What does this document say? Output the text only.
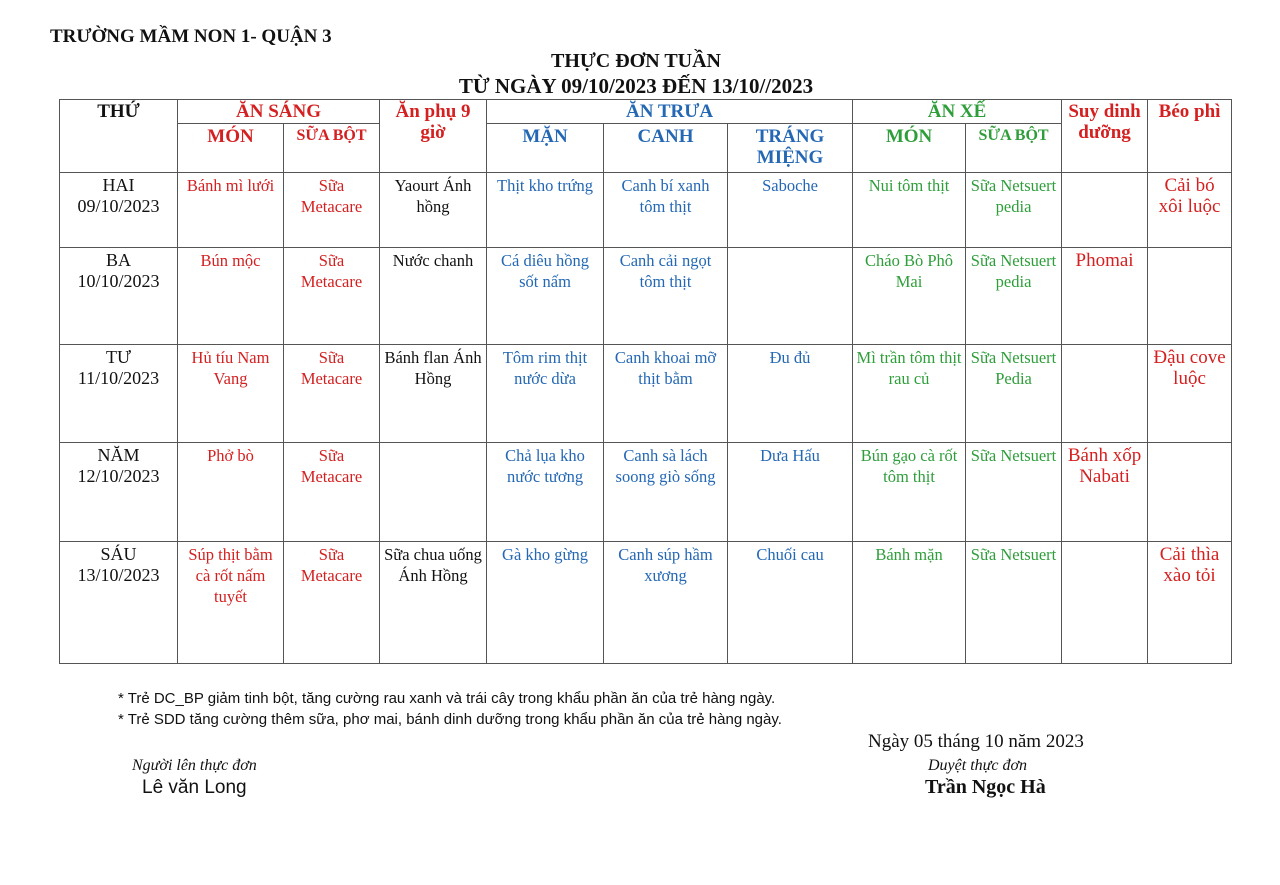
TRƯỜNG MẦM NON 1- QUẬN 3
THỰC ĐƠN TUẦN
TỪ NGÀY 09/10/2023 ĐẾN 13/10//2023
THỨ	ĂN SÁNG		Ăn phụ 9 giờ	ĂN TRƯA			ĂN XẾ		Suy dinh dưỡng	Béo phì
	MÓN	SỮA BỘT		MẶN	CANH	TRÁNG MIỆNG	MÓN	SỮA BỘT		

HAI
09/10/2023	Bánh mì lưới	Sữa Metacare	Yaourt Ánh hồng	Thịt kho trứng	Canh bí xanh tôm thịt	Saboche	Nui tôm thịt	Sữa Netsuert pedia		Cải bó xôi luộc

BA
10/10/2023	Bún mộc	Sữa Metacare	Nước chanh	Cá diêu hồng sốt nấm	Canh cải ngọt tôm thịt		Cháo Bò Phô Mai	Sữa Netsuert pedia	Phomai	

TƯ
11/10/2023	Hủ tíu Nam Vang	Sữa Metacare	Bánh flan Ánh Hồng	Tôm rim thịt nước dừa	Canh khoai mỡ thịt bằm	Đu đủ	Mì trần tôm thịt rau củ	Sữa Netsuert Pedia		Đậu cove luộc

NĂM
12/10/2023	Phở bò	Sữa Metacare		Chả lụa kho nước tương	Canh sà lách soong giò sống	Dưa Hấu	Bún gạo cà rốt tôm thịt	Sữa Netsuert	Bánh xốp Nabati	

SÁU
13/10/2023	Súp thịt bằm cà rốt nấm tuyết	Sữa Metacare	Sữa chua uống Ánh Hồng	Gà kho gừng	Canh súp hầm xương	Chuối cau	Bánh mặn	Sữa Netsuert		Cải thìa xào tỏi
* Trẻ DC_BP giảm tinh bột, tăng cường rau xanh và trái cây trong khẩu phần ăn của trẻ hàng ngày.
* Trẻ SDD tăng cường thêm sữa, phơ mai, bánh dinh dưỡng trong khẩu phần ăn của trẻ hàng ngày.
Ngày 05 tháng 10 năm 2023
Người lên thực đơn
Lê văn Long
Duyệt thực đơn
Trần Ngọc Hà
